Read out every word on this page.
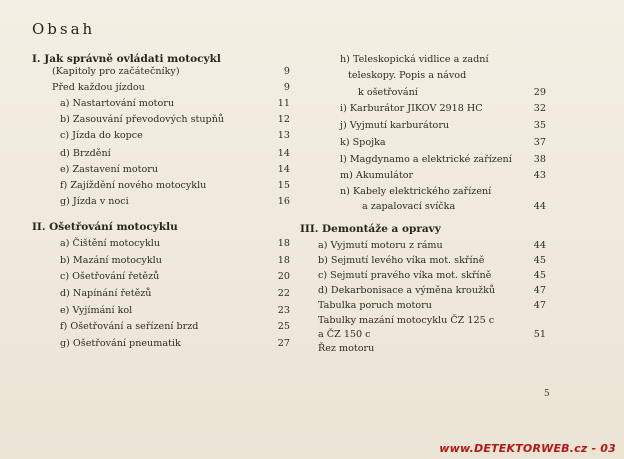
Obsah
I. Jak správně ovládati motocykl
(Kapitoly pro začátečníky)	9
Před každou jízdou	9
a) Nastartování motoru	11
b) Zasouvání převodových stupňů	12
c) Jízda do kopce	13
d) Brzdění	14
e) Zastavení motoru	14
f) Zajíždění nového motocyklu	15
g) Jízda v noci	16
II. Ošetřování motocyklu
a) Čištění motocyklu	18
b) Mazání motocyklu	18
c) Ošetřování řetězů	20
d) Napínání řetězů	22
e) Vyjímání kol	23
f) Ošetřování a seřízení brzd	25
g) Ošetřování pneumatik	27
h) Teleskopická vidlice a zadní
teleskopy. Popis a návod
k ošetřování	29
i) Karburátor JIKOV 2918 HC	32
j) Vyjmutí karburátoru	35
k) Spojka	37
l) Magdynamo a elektrické zařízení	38
m) Akumulátor	43
n) Kabely elektrického zařízení
a zapalovací svíčka	44
III. Demontáže a opravy
a) Vyjmutí motoru z rámu	44
b) Sejmutí levého víka mot. skříně	45
c) Sejmutí pravého víka mot. skříně	45
d) Dekarbonisace a výměna kroužků	47
Tabulka poruch motoru	47
Tabulky mazání motocyklu ČZ 125 c
a ČZ 150 c	51
Řez motoru
5
www.DETEKTORWEB.cz - 03
